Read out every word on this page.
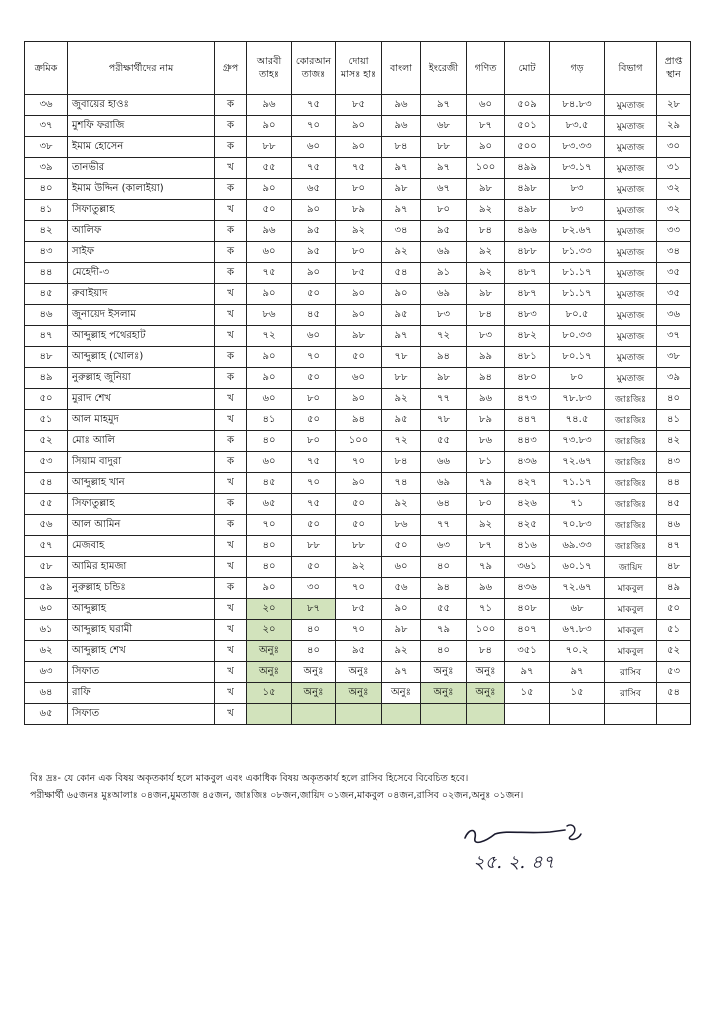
ক্রমিক	পরীক্ষার্থীদের নাম	গ্রুপ	আরবী তাহঃ	কোরআন তাজঃ	দোয়া মাসঃ হাঃ	বাংলা	ইংরেজী	গণিত	মোট	গড়	বিভাগ	প্রাপ্ত স্থান
৩৬	জুবায়ের হাওঃ	ক	৯৬	৭৫	৮৫	৯৬	৯৭	৬০	৫০৯	৮৪.৮৩	মুমতাজ	২৮
৩৭	মুশফি ফরাজি	ক	৯০	৭০	৯০	৯৬	৬৮	৮৭	৫০১	৮৩.৫	মুমতাজ	২৯
৩৮	ইমাম হোসেন	ক	৮৮	৬০	৯০	৮৪	৮৮	৯০	৫০০	৮৩.৩৩	মুমতাজ	৩০
৩৯	তানভীর	খ	৫৫	৭৫	৭৫	৯৭	৯৭	১০০	৪৯৯	৮৩.১৭	মুমতাজ	৩১
৪০	ইমাম উদ্দিন (কালাইয়া)	ক	৯০	৬৫	৮০	৯৮	৬৭	৯৮	৪৯৮	৮৩	মুমতাজ	৩২
৪১	সিফাতুল্লাহ	খ	৫০	৯০	৮৯	৯৭	৮০	৯২	৪৯৮	৮৩	মুমতাজ	৩২
৪২	আলিফ	ক	৯৬	৯৫	৯২	৩৪	৯৫	৮৪	৪৯৬	৮২.৬৭	মুমতাজ	৩৩
৪৩	সাইফ	ক	৬০	৯৫	৮০	৯২	৬৯	৯২	৪৮৮	৮১.৩৩	মুমতাজ	৩৪
৪৪	মেহেদী-৩	ক	৭৫	৯০	৮৫	৫৪	৯১	৯২	৪৮৭	৮১.১৭	মুমতাজ	৩৫
৪৫	রুবাইয়াদ	খ	৯০	৫০	৯০	৯০	৬৯	৯৮	৪৮৭	৮১.১৭	মুমতাজ	৩৫
৪৬	জুনায়েদ ইসলাম	খ	৮৬	৪৫	৯০	৯৫	৮৩	৮৪	৪৮৩	৮০.৫	মুমতাজ	৩৬
৪৭	আব্দুল্লাহ পথেরহাট	খ	৭২	৬০	৯৮	৯৭	৭২	৮৩	৪৮২	৮০.৩৩	মুমতাজ	৩৭
৪৮	আব্দুল্লাহ (খোলঃ)	ক	৯০	৭০	৫০	৭৮	৯৪	৯৯	৪৮১	৮০.১৭	মুমতাজ	৩৮
৪৯	নুরুল্লাহ জুনিয়া	ক	৯০	৫০	৬০	৮৮	৯৮	৯৪	৪৮০	৮০	মুমতাজ	৩৯
৫০	মুরাদ শেখ	খ	৬০	৮০	৯০	৯২	৭৭	৯৬	৪৭৩	৭৮.৮৩	জাঃজিঃ	৪০
৫১	আল মাহমুদ	খ	৪১	৫০	৯৪	৯৫	৭৮	৮৯	৪৪৭	৭৪.৫	জাঃজিঃ	৪১
৫২	মোঃ আলি	ক	৪০	৮০	১০০	৭২	৫৫	৮৬	৪৪৩	৭৩.৮৩	জাঃজিঃ	৪২
৫৩	সিয়াম বাদুরা	ক	৬০	৭৫	৭০	৮৪	৬৬	৮১	৪৩৬	৭২.৬৭	জাঃজিঃ	৪৩
৫৪	আব্দুল্লাহ খান	খ	৪৫	৭০	৯০	৭৪	৬৯	৭৯	৪২৭	৭১.১৭	জাঃজিঃ	৪৪
৫৫	সিফাতুল্লাহ	ক	৬৫	৭৫	৫০	৯২	৬৪	৮০	৪২৬	৭১	জাঃজিঃ	৪৫
৫৬	আল আমিন	ক	৭০	৫০	৫০	৮৬	৭৭	৯২	৪২৫	৭০.৮৩	জাঃজিঃ	৪৬
৫৭	মেজবাহ	খ	৪০	৮৮	৮৮	৫০	৬৩	৮৭	৪১৬	৬৯.৩৩	জাঃজিঃ	৪৭
৫৮	আমির হামজা	খ	৪০	৫০	৯২	৬০	৪০	৭৯	৩৬১	৬০.১৭	জায়িদ	৪৮
৫৯	নুরুল্লাহ চন্ডিঃ	ক	৯০	৩০	৭০	৫৬	৯৪	৯৬	৪৩৬	৭২.৬৭	মাকবুল	৪৯
৬০	আব্দুল্লাহ	খ	২০	৮৭	৮৫	৯০	৫৫	৭১	৪০৮	৬৮	মাকবুল	৫০
৬১	আব্দুল্লাহ ঘরামী	খ	২০	৪০	৭০	৯৮	৭৯	১০০	৪০৭	৬৭.৮৩	মাকবুল	৫১
৬২	আব্দুল্লাহ শেখ	খ	অনুঃ	৪০	৯৫	৯২	৪০	৮৪	৩৫১	৭০.২	মাকবুল	৫২
৬৩	সিফাত	খ	অনুঃ	অনুঃ	অনুঃ	৯৭	অনুঃ	অনুঃ	৯৭	৯৭	রাসিব	৫৩
৬৪	রাফি	খ	১৫	অনুঃ	অনুঃ	অনুঃ	অনুঃ	অনুঃ	১৫	১৫	রাসিব	৫৪
৬৫	সিফাত	খ										

বিঃ দ্রঃ- যে কোন এক বিষয় অকৃতকার্য হলে মাকবুল এবং একাধিক বিষয় অকৃতকার্য হলে রাসিব হিসেবে বিবেচিত হবে।

পরীক্ষার্থী ৬৫জনঃ মুঃআলাঃ ০৪জন,মুমতাজ ৪৫জন, জাঃজিঃ ০৮জন,জায়িদ ০১জন,মাকবুল ০৪জন,রাসিব ০২জন,অনুঃ ০১জন।

২৫. ২. ৪৭
